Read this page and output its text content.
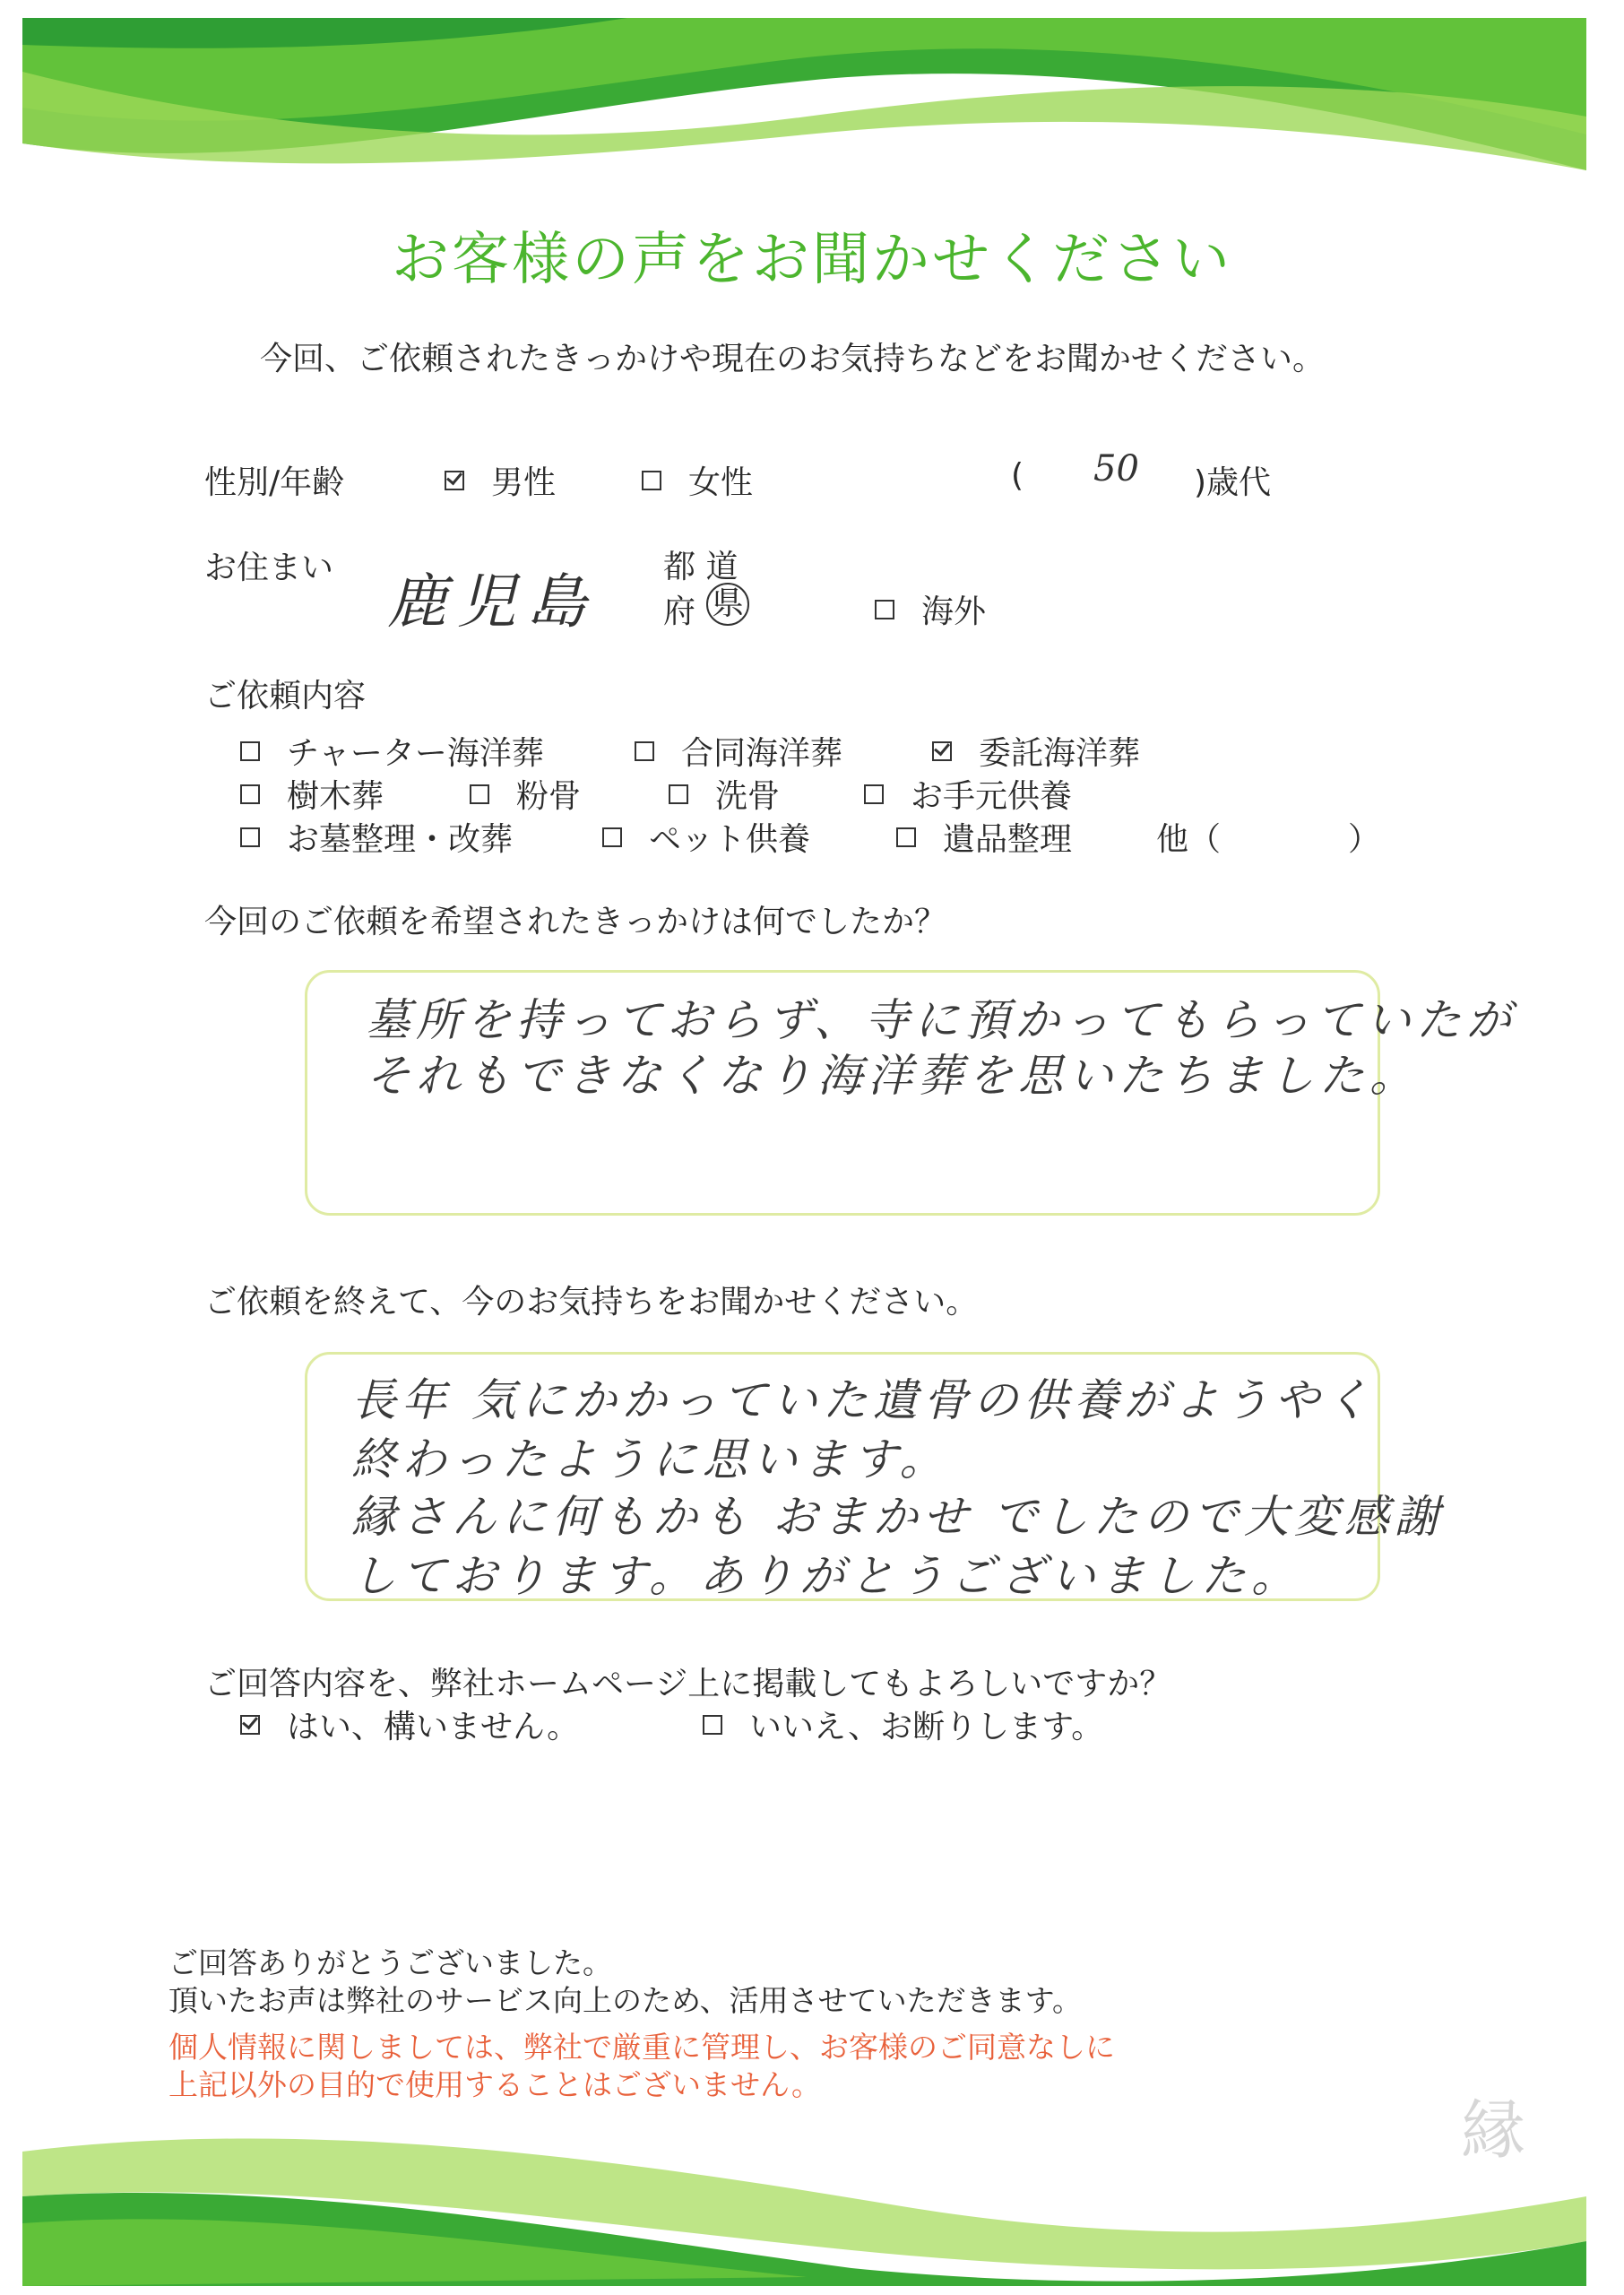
お客様の声をお聞かせください
今回、ご依頼されたきっかけや現在のお気持ちなどをお聞かせください。
性別/年齢	男性	女性	( 50 )歳代
お住まい 鹿児島
都 道
府 県	海外
ご依頼内容
チャーター海洋葬	合同海洋葬	委託海洋葬
樹木葬	粉骨	洗骨	お手元供養
お墓整理・改葬	ペット供養	遺品整理	他（	）
今回のご依頼を希望されたきっかけは何でしたか？
墓所を持っておらず、寺に預かってもらっていたが
それもできなくなり海洋葬を思いたちました。
ご依頼を終えて、今のお気持ちをお聞かせください。
長年 気にかかっていた遺骨の供養がようやく
終わったように思います。
縁さんに何もかも おまかせ でしたので大変感謝
しております。ありがとうございました。
ご回答内容を、弊社ホームページ上に掲載してもよろしいですか？
はい、構いません。	いいえ、お断りします。
ご回答ありがとうございました。
頂いたお声は弊社のサービス向上のため、活用させていただきます。
個人情報に関しましては、弊社で厳重に管理し、お客様のご同意なしに
上記以外の目的で使用することはございません。
縁
